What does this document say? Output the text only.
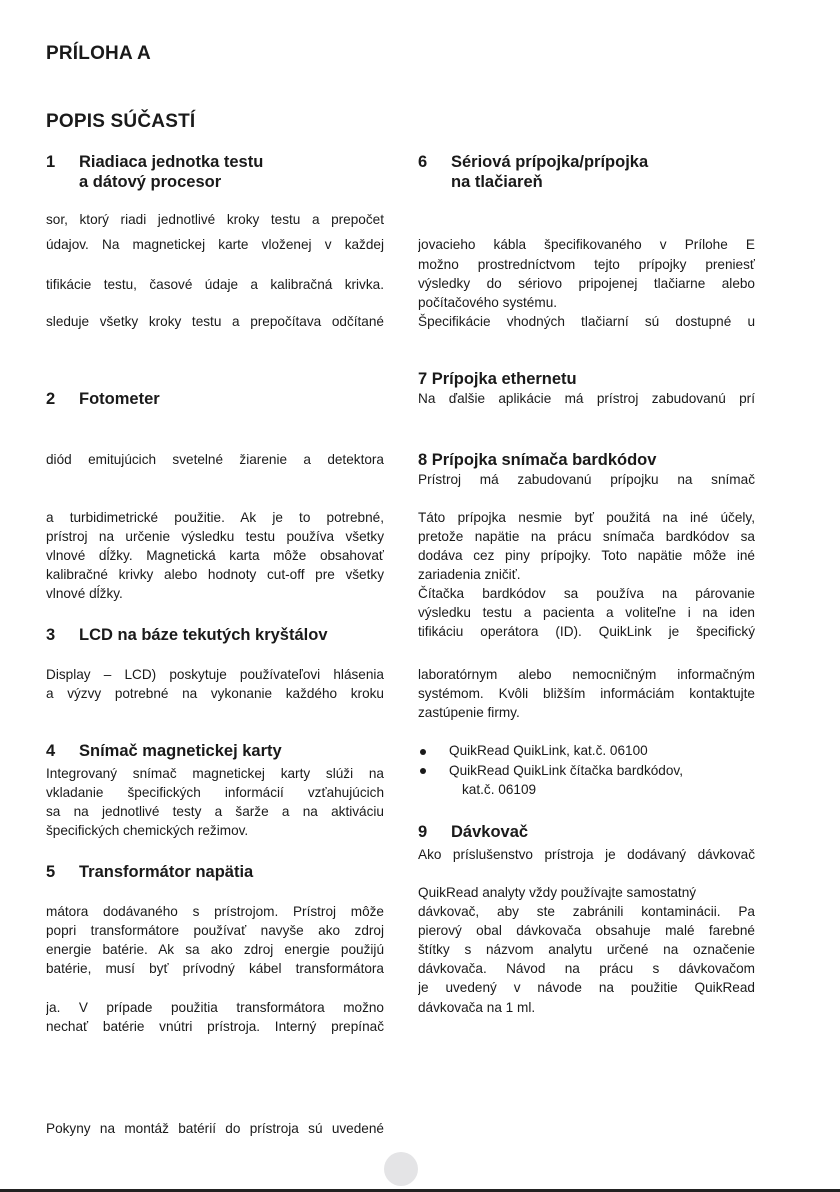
PRÍLOHA A
POPIS SÚČASTÍ
1 Riadiaca jednotka testu
a dátový procesor
sor, ktorý riadi jednotlivé kroky testu a prepočet
údajov. Na magnetickej karte vloženej v každej
tifikácie testu, časové údaje a kalibračná krivka.
sleduje všetky kroky testu a prepočítava odčítané
2 Fotometer
diód emitujúcich svetelné žiarenie a detektora
a turbidimetrické použitie. Ak je to potrebné,
prístroj na určenie výsledku testu používa všetky
vlnové dĺžky. Magnetická karta môže obsahovať
kalibračné krivky alebo hodnoty cut-off pre všetky
vlnové dĺžky.
3 LCD na báze tekutých kryštálov
Display – LCD) poskytuje používateľovi hlásenia
a výzvy potrebné na vykonanie každého kroku
4 Snímač magnetickej karty
Integrovaný snímač magnetickej karty slúži na
vkladanie špecifických informácií vzťahujúcich
sa na jednotlivé testy a šarže a na aktiváciu
špecifických chemických režimov.
5 Transformátor napätia
mátora dodávaného s prístrojom. Prístroj môže
popri transformátore používať navyše ako zdroj
energie batérie. Ak sa ako zdroj energie použijú
batérie, musí byť prívodný kábel transformátora
ja. V prípade použitia transformátora možno
nechať batérie vnútri prístroja. Interný prepínač
Pokyny na montáž batérií do prístroja sú uvedené
6 Sériová prípojka/prípojka
na tlačiareň
jovacieho kábla špecifikovaného v Prílohe E
možno prostredníctvom tejto prípojky preniesť
výsledky do sériovo pripojenej tlačiarne alebo
počítačového systému.
Špecifikácie vhodných tlačiarní sú dostupné u
7 Prípojka ethernetu
Na ďalšie aplikácie má prístroj zabudovanú prí
8 Prípojka snímača bardkódov
Prístroj má zabudovanú prípojku na snímač
Táto prípojka nesmie byť použitá na iné účely,
pretože napätie na prácu snímača bardkódov sa
dodáva cez piny prípojky. Toto napätie môže iné
zariadenia zničiť.
Čítačka bardkódov sa používa na párovanie
výsledku testu a pacienta a voliteľne i na iden
tifikáciu operátora (ID). QuikLink je špecifický
laboratórnym alebo nemocničným informačným
systémom. Kvôli bližším informáciám kontaktujte
zastúpenie firmy.
QuikRead QuikLink, kat.č. 06100
QuikRead QuikLink čítačka bardkódov,
kat.č. 06109
9 Dávkovač
Ako príslušenstvo prístroja je dodávaný dávkovač
QuikRead analyty vždy používajte samostatný
dávkovač, aby ste zabránili kontaminácii. Pa
pierový obal dávkovača obsahuje malé farebné
štítky s názvom analytu určené na označenie
dávkovača. Návod na prácu s dávkovačom
je uvedený v návode na použitie QuikRead
dávkovača na 1 ml.
